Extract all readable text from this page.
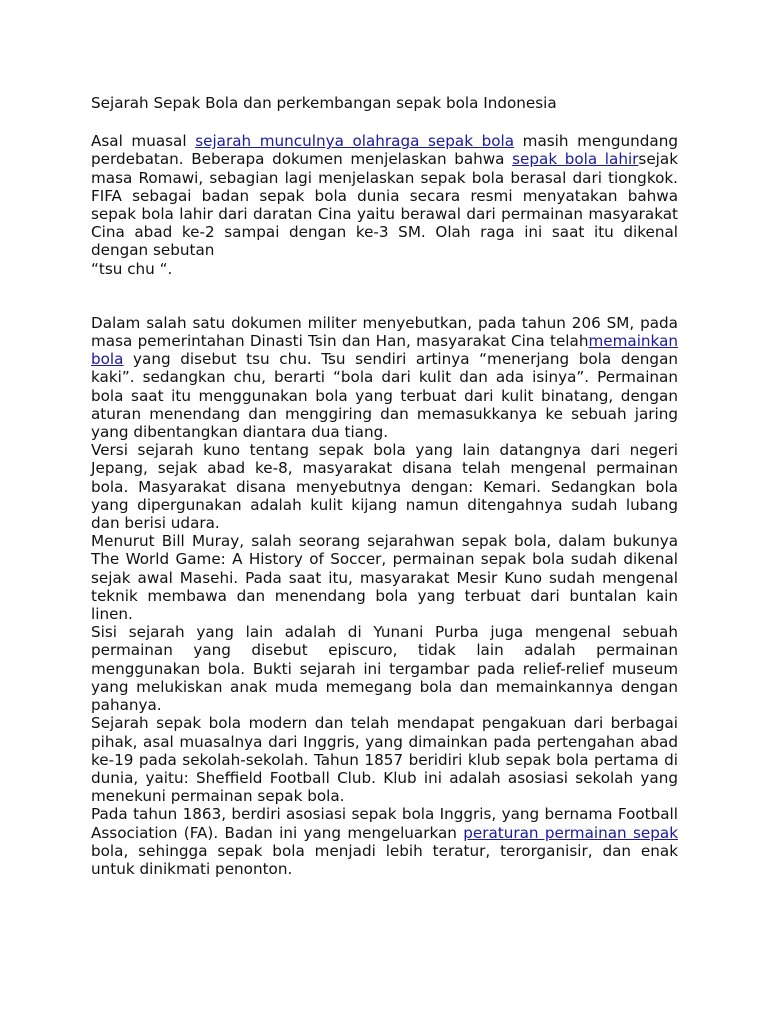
Sejarah Sepak Bola dan perkembangan sepak bola Indonesia

Asal muasal sejarah munculnya olahraga sepak bola masih mengundang perdebatan. Beberapa dokumen menjelaskan bahwa sepak bola lahirsejak masa Romawi, sebagian lagi menjelaskan sepak bola berasal dari tiongkok. FIFA sebagai badan sepak bola dunia secara resmi menyatakan bahwa sepak bola lahir dari daratan Cina yaitu berawal dari permainan masyarakat Cina abad ke-2 sampai dengan ke-3 SM. Olah raga ini saat itu dikenal dengan sebutan

“tsu chu “.

Dalam salah satu dokumen militer menyebutkan, pada tahun 206 SM, pada masa pemerintahan Dinasti Tsin dan Han, masyarakat Cina telahmemainkan bola yang disebut tsu chu. Tsu sendiri artinya “menerjang bola dengan kaki”. sedangkan chu, berarti “bola dari kulit dan ada isinya”. Permainan bola saat itu menggunakan bola yang terbuat dari kulit binatang, dengan aturan menendang dan menggiring dan memasukkanya ke sebuah jaring yang dibentangkan diantara dua tiang.

Versi sejarah kuno tentang sepak bola yang lain datangnya dari negeri Jepang, sejak abad ke-8, masyarakat disana telah mengenal permainan bola. Masyarakat disana menyebutnya dengan: Kemari. Sedangkan bola yang dipergunakan adalah kulit kijang namun ditengahnya sudah lubang dan berisi udara.

Menurut Bill Muray, salah seorang sejarahwan sepak bola, dalam bukunya The World Game: A History of Soccer, permainan sepak bola sudah dikenal sejak awal Masehi. Pada saat itu, masyarakat Mesir Kuno sudah mengenal teknik membawa dan menendang bola yang terbuat dari buntalan kain linen.

Sisi sejarah yang lain adalah di Yunani Purba juga mengenal sebuah permainan yang disebut episcuro, tidak lain adalah permainan menggunakan bola. Bukti sejarah ini tergambar pada relief-relief museum yang melukiskan anak muda memegang bola dan memainkannya dengan pahanya.

Sejarah sepak bola modern dan telah mendapat pengakuan dari berbagai pihak, asal muasalnya dari Inggris, yang dimainkan pada pertengahan abad ke-19 pada sekolah-sekolah. Tahun 1857 beridiri klub sepak bola pertama di dunia, yaitu: Sheffield Football Club. Klub ini adalah asosiasi sekolah yang menekuni permainan sepak bola.

Pada tahun 1863, berdiri asosiasi sepak bola Inggris, yang bernama Football Association (FA). Badan ini yang mengeluarkan peraturan permainan sepak bola, sehingga sepak bola menjadi lebih teratur, terorganisir, dan enak untuk dinikmati penonton.
